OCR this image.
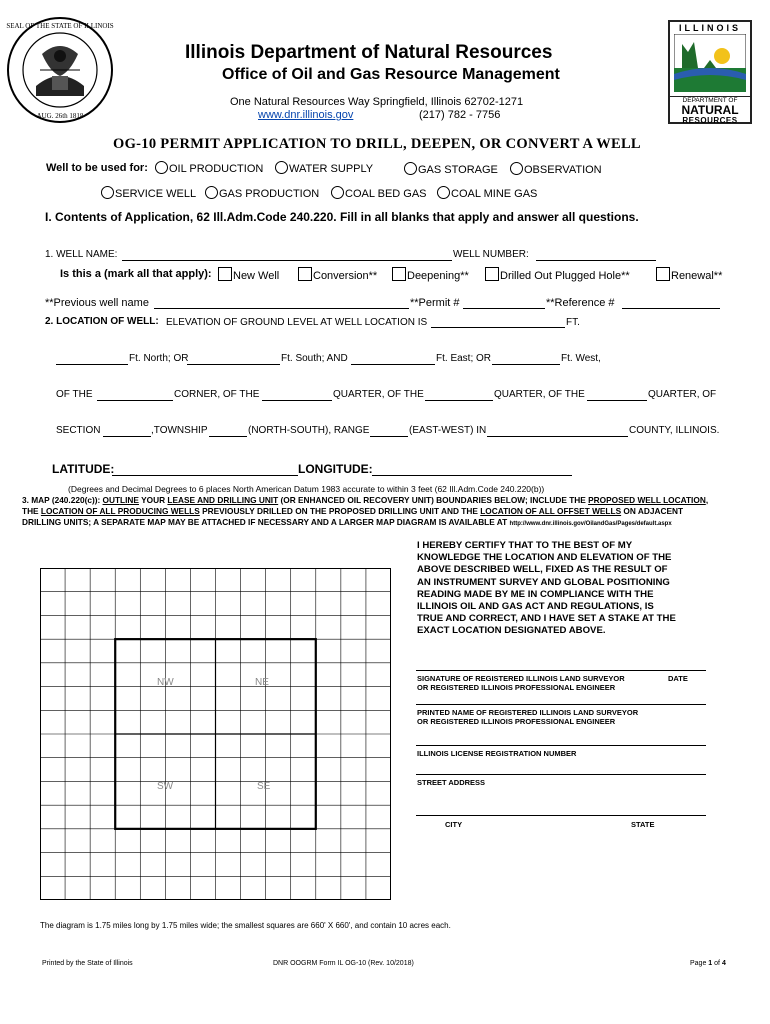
SEAL OF THE STATE OF ILLINOIS
AUG. 26th 1818
ILLINOIS
DEPARTMENT OF
NATURAL
RESOURCES
Illinois Department of Natural Resources
Office of Oil and Gas Resource Management
One Natural Resources Way Springfield, Illinois 62702-1271
www.dnr.illinois.gov	(217) 782 - 7756
OG-10 PERMIT APPLICATION TO DRILL, DEEPEN, OR CONVERT A WELL
Well to be used for:	OIL PRODUCTION	WATER SUPPLY	GAS STORAGE	OBSERVATION
SERVICE WELL	GAS PRODUCTION	COAL BED GAS	COAL MINE GAS
I. Contents of Application, 62 Ill.Adm.Code 240.220. Fill in all blanks that apply and answer all questions.
1. WELL NAME:	WELL NUMBER:
Is this a (mark all that apply):	New Well	Conversion**	Deepening**	Drilled Out Plugged Hole**	Renewal**
**Previous well name	**Permit #	**Reference #
2. LOCATION OF WELL: ELEVATION OF GROUND LEVEL AT WELL LOCATION IS	FT.
Ft. North; OR	Ft. South; AND	Ft. East; OR	Ft. West,
OF THE	CORNER, OF THE	QUARTER, OF THE	QUARTER, OF THE	QUARTER, OF
SECTION	,TOWNSHIP	(NORTH-SOUTH), RANGE	(EAST-WEST) IN	COUNTY, ILLINOIS.
LATITUDE:	LONGITUDE:
(Degrees and Decimal Degrees to 6 places North American Datum 1983 accurate to within 3 feet (62 Ill.Adm.Code 240.220(b))
3. MAP (240.220(c)): OUTLINE YOUR LEASE AND DRILLING UNIT (OR ENHANCED OIL RECOVERY UNIT) BOUNDARIES BELOW; INCLUDE THE PROPOSED WELL LOCATION,
THE LOCATION OF ALL PRODUCING WELLS PREVIOUSLY DRILLED ON THE PROPOSED DRILLING UNIT AND THE LOCATION OF ALL OFFSET WELLS ON ADJACENT
DRILLING UNITS; A SEPARATE MAP MAY BE ATTACHED IF NECESSARY AND A LARGER MAP DIAGRAM IS AVAILABLE AT http://www.dnr.illinois.gov/OilandGas/Pages/default.aspx
NW	NE
SW	SE
I HEREBY CERTIFY THAT TO THE BEST OF MY
KNOWLEDGE THE LOCATION AND ELEVATION OF THE
ABOVE DESCRIBED WELL, FIXED AS THE RESULT OF
AN INSTRUMENT SURVEY AND GLOBAL POSITIONING
READING MADE BY ME IN COMPLIANCE WITH THE
ILLINOIS OIL AND GAS ACT AND REGULATIONS, IS
TRUE AND CORRECT, AND I HAVE SET A STAKE AT THE
EXACT LOCATION DESIGNATED ABOVE.
SIGNATURE OF REGISTERED ILLINOIS LAND SURVEYOR
OR REGISTERED ILLINOIS PROFESSIONAL ENGINEER
DATE
PRINTED NAME OF REGISTERED ILLINOIS LAND SURVEYOR
OR REGISTERED ILLINOIS PROFESSIONAL ENGINEER
ILLINOIS LICENSE REGISTRATION NUMBER
STREET ADDRESS
CITY	STATE
The diagram is 1.75 miles long by 1.75 miles wide; the smallest squares are 660' X 660', and contain 10 acres each.
Printed by the State of Illinois	DNR OOGRM Form IL OG-10 (Rev. 10/2018)	Page 1 of 4
